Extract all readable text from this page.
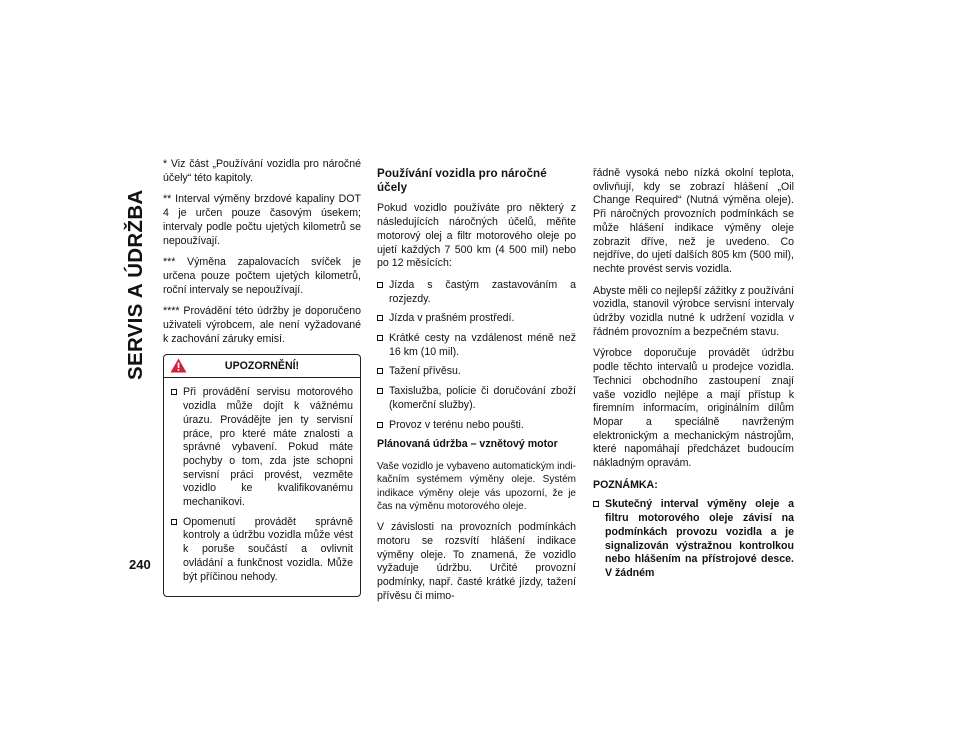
SERVIS A ÚDRŽBA
240

* Viz část „Používání vozidla pro náročné účely“ této kapitoly.

** Interval výměny brzdové kapaliny DOT 4 je určen pouze časovým úsekem; intervaly podle počtu ujetých kilometrů se nepoužívají.

*** Výměna zapalovacích svíček je určena pouze počtem ujetých kilometrů, roční intervaly se nepoužívají.

**** Provádění této údržby je doporučeno uživateli výrobcem, ale není vyžadované k zachování záruky emisí.

UPOZORNĚNÍ!
Při provádění servisu motorového vozidla může dojít k vážnému úrazu. Provádějte jen ty servisní práce, pro které máte znalosti a správné vybavení. Pokud máte pochyby o tom, zda jste schopni servisní práci provést, vezměte vozidlo ke kvalifikovanému mechanikovi.
Opomenutí provádět správně kontroly a údržbu vozidla může vést k poruše součástí a ovlivnit ovládání a funkčnost vozidla. Může být příčinou nehody.
Používání vozidla pro náročné účely

Pokud vozidlo používáte pro některý z následujících náročných účelů, měňte motorový olej a filtr motorového oleje po ujetí každých 7 500 km (4 500 mil) nebo po 12 měsících:

Jízda s častým zastavováním a rozjezdy.
Jízda v prašném prostředí.
Krátké cesty na vzdálenost méně než 16 km (10 mil).
Tažení přívěsu.
Taxislužba, policie či doručování zboží (komerční služby).
Provoz v terénu nebo poušti.
Plánovaná údržba – vznětový motor

Vaše vozidlo je vybaveno automatickým indikačním systémem výměny oleje. Systém indikace výměny oleje vás upozorní, že je čas na výměnu motorového oleje.

V závislosti na provozních podmínkách motoru se rozsvítí hlášení indikace výměny oleje. To znamená, že vozidlo vyžaduje údržbu. Určité provozní podmínky, např. časté krátké jízdy, tažení přívěsu či mimo-

řádně vysoká nebo nízká okolní teplota, ovlivňují, kdy se zobrazí hlášení „Oil Change Required“ (Nutná výměna oleje). Při náročných provozních podmínkách se může hlášení indikace výměny oleje zobrazit dříve, než je uvedeno. Co nejdříve, do ujetí dalších 805 km (500 mil), nechte provést servis vozidla.

Abyste měli co nejlepší zážitky z používání vozidla, stanovil výrobce servisní intervaly údržby vozidla nutné k udržení vozidla v řádném provozním a bezpečném stavu.

Výrobce doporučuje provádět údržbu podle těchto intervalů u prodejce vozidla. Technici obchodního zastoupení znají vaše vozidlo nejlépe a mají přístup k firemním informacím, originálním dílům Mopar a speciálně navrženým elektronickým a mechanickým nástrojům, které napomáhají předcházet budoucím nákladným opravám.

POZNÁMKA:
Skutečný interval výměny oleje a filtru motorového oleje závisí na podmínkách provozu vozidla a je signalizován výstražnou kontrolkou nebo hlášením na přístrojové desce. V žádném
